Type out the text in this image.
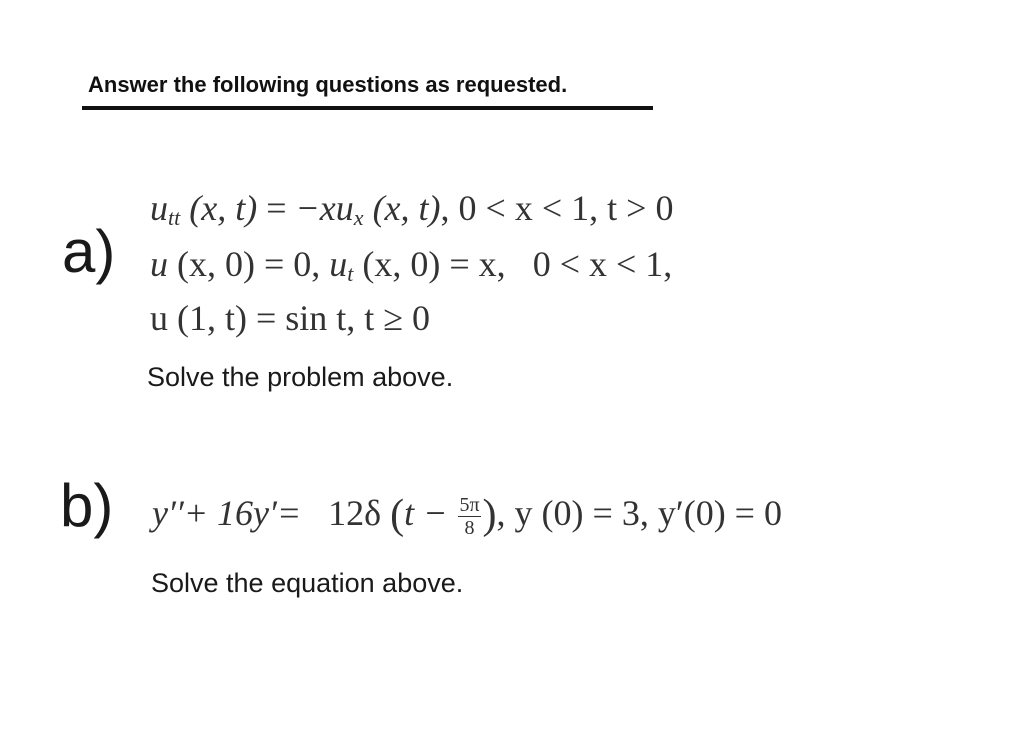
Answer the following questions as requested.
a)
$u_{tt}$ (x, $t) = -xu_x$ (x, t), 0 < x < 1, t > 0
u (x, 0) = 0, $u_t$ (x, 0) = x, 0 < x < 1,
u (1, t) = sin t, t ≥ 0
Solve the problem above.
b) y′′+ 16y′= 12δ ($t - \frac{5\pi}{8}$ ), y (0) = 3, y′(0) = 0
Solve the equation above.
